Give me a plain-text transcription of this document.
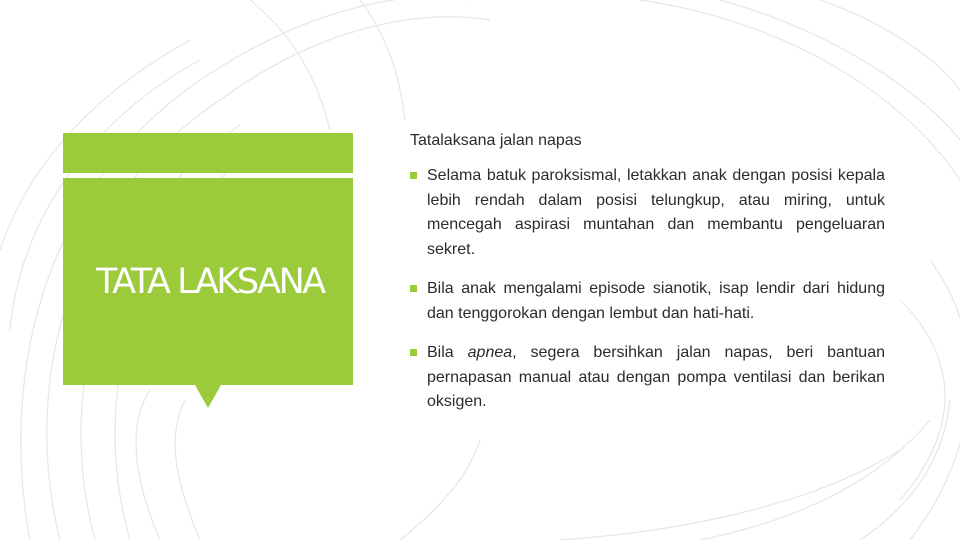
TATA LAKSANA

Tatalaksana jalan napas

Selama batuk paroksismal, letakkan anak dengan posisi kepala lebih rendah dalam posisi telungkup, atau miring, untuk mencegah aspirasi muntahan dan membantu pengeluaran sekret.
Bila anak mengalami episode sianotik, isap lendir dari hidung dan tenggorokan dengan lembut dan hati-hati.
Bila apnea, segera bersihkan jalan napas, beri bantuan pernapasan manual atau dengan pompa ventilasi dan berikan oksigen.
